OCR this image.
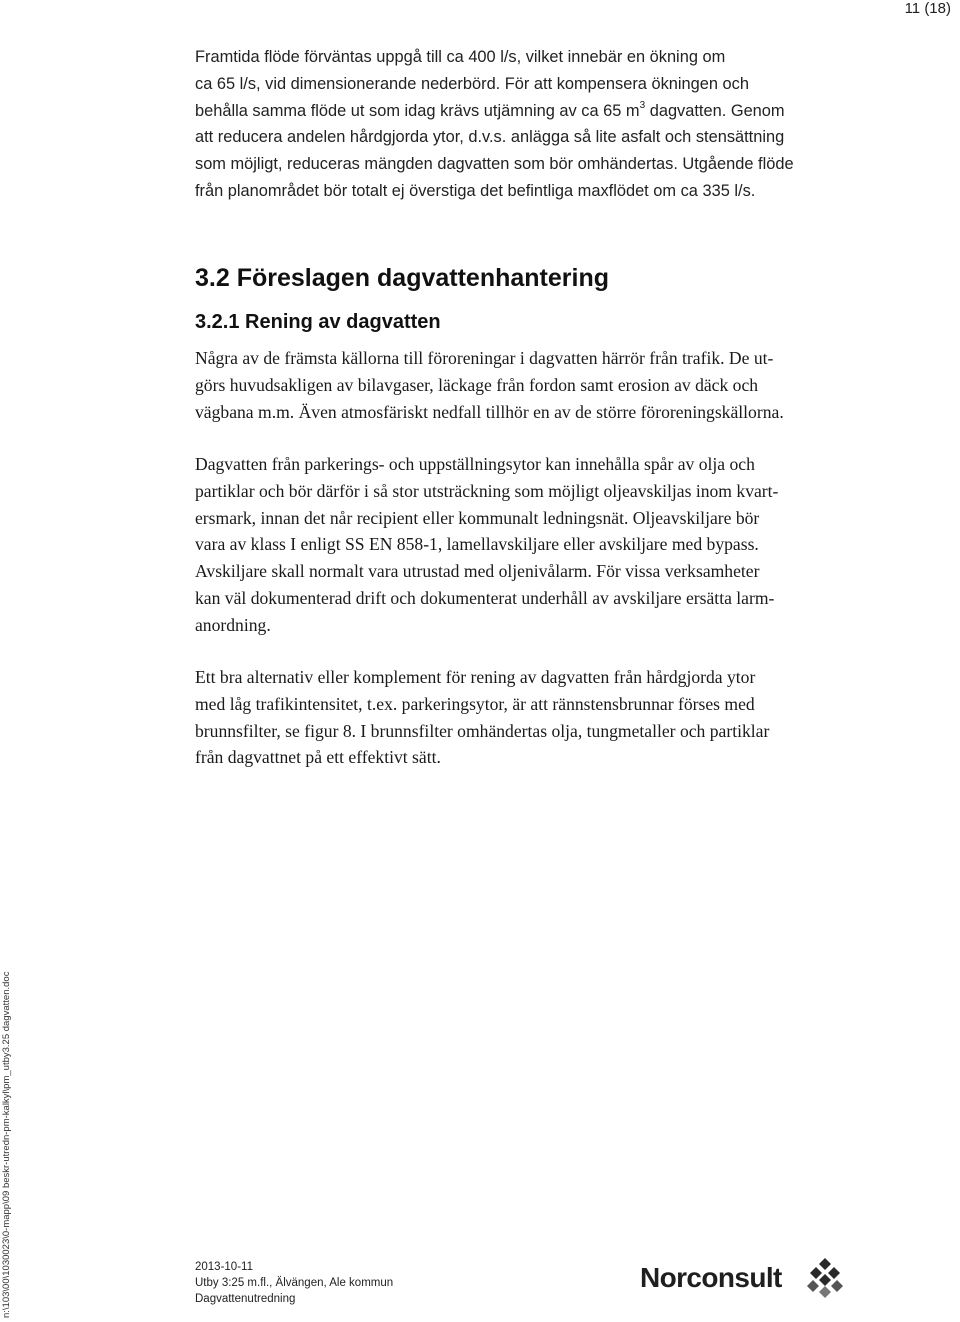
11 (18)
Framtida flöde förväntas uppgå till ca 400 l/s, vilket innebär en ökning om
ca 65 l/s, vid dimensionerande nederbörd. För att kompensera ökningen och
behålla samma flöde ut som idag krävs utjämning av ca 65 $m^3$ dagvatten. Genom
att reducera andelen hårdgjorda ytor, d.v.s. anlägga så lite asfalt och stensättning
som möjligt, reduceras mängden dagvatten som bör omhändertas. Utgående flöde
från planområdet bör totalt ej överstiga det befintliga maxflödet om ca 335 l/s.
3.2 Föreslagen dagvattenhantering
3.2.1 Rening av dagvatten
Några av de främsta källorna till föroreningar i dagvatten härrör från trafik. De ut-
görs huvudsakligen av bilavgaser, läckage från fordon samt erosion av däck och
vägbana m.m. Även atmosfäriskt nedfall tillhör en av de större föroreningskällorna.
Dagvatten från parkerings- och uppställningsytor kan innehålla spår av olja och
partiklar och bör därför i så stor utsträckning som möjligt oljeavskiljas inom kvart-
ersmark, innan det når recipient eller kommunalt ledningsnät. Oljeavskiljare bör
vara av klass I enligt SS EN 858-1, lamellavskiljare eller avskiljare med bypass.
Avskiljare skall normalt vara utrustad med oljenivålarm. För vissa verksamheter
kan väl dokumenterad drift och dokumenterat underhåll av avskiljare ersätta larm-
anordning.
Ett bra alternativ eller komplement för rening av dagvatten från hårdgjorda ytor
med låg trafikintensitet, t.ex. parkeringsytor, är att rännstensbrunnar förses med
brunnsfilter, se figur 8. I brunnsfilter omhändertas olja, tungmetaller och partiklar
från dagvattnet på ett effektivt sätt.
n:\103\00\1030023\0-mapp\09 beskr-utredn-pm-kalkyl\pm_utby3.25 dagvatten.doc	2013-10-11
Utby 3:25 m.fl., Älvängen, Ale kommun
Dagvattenutredning
Norconsult
